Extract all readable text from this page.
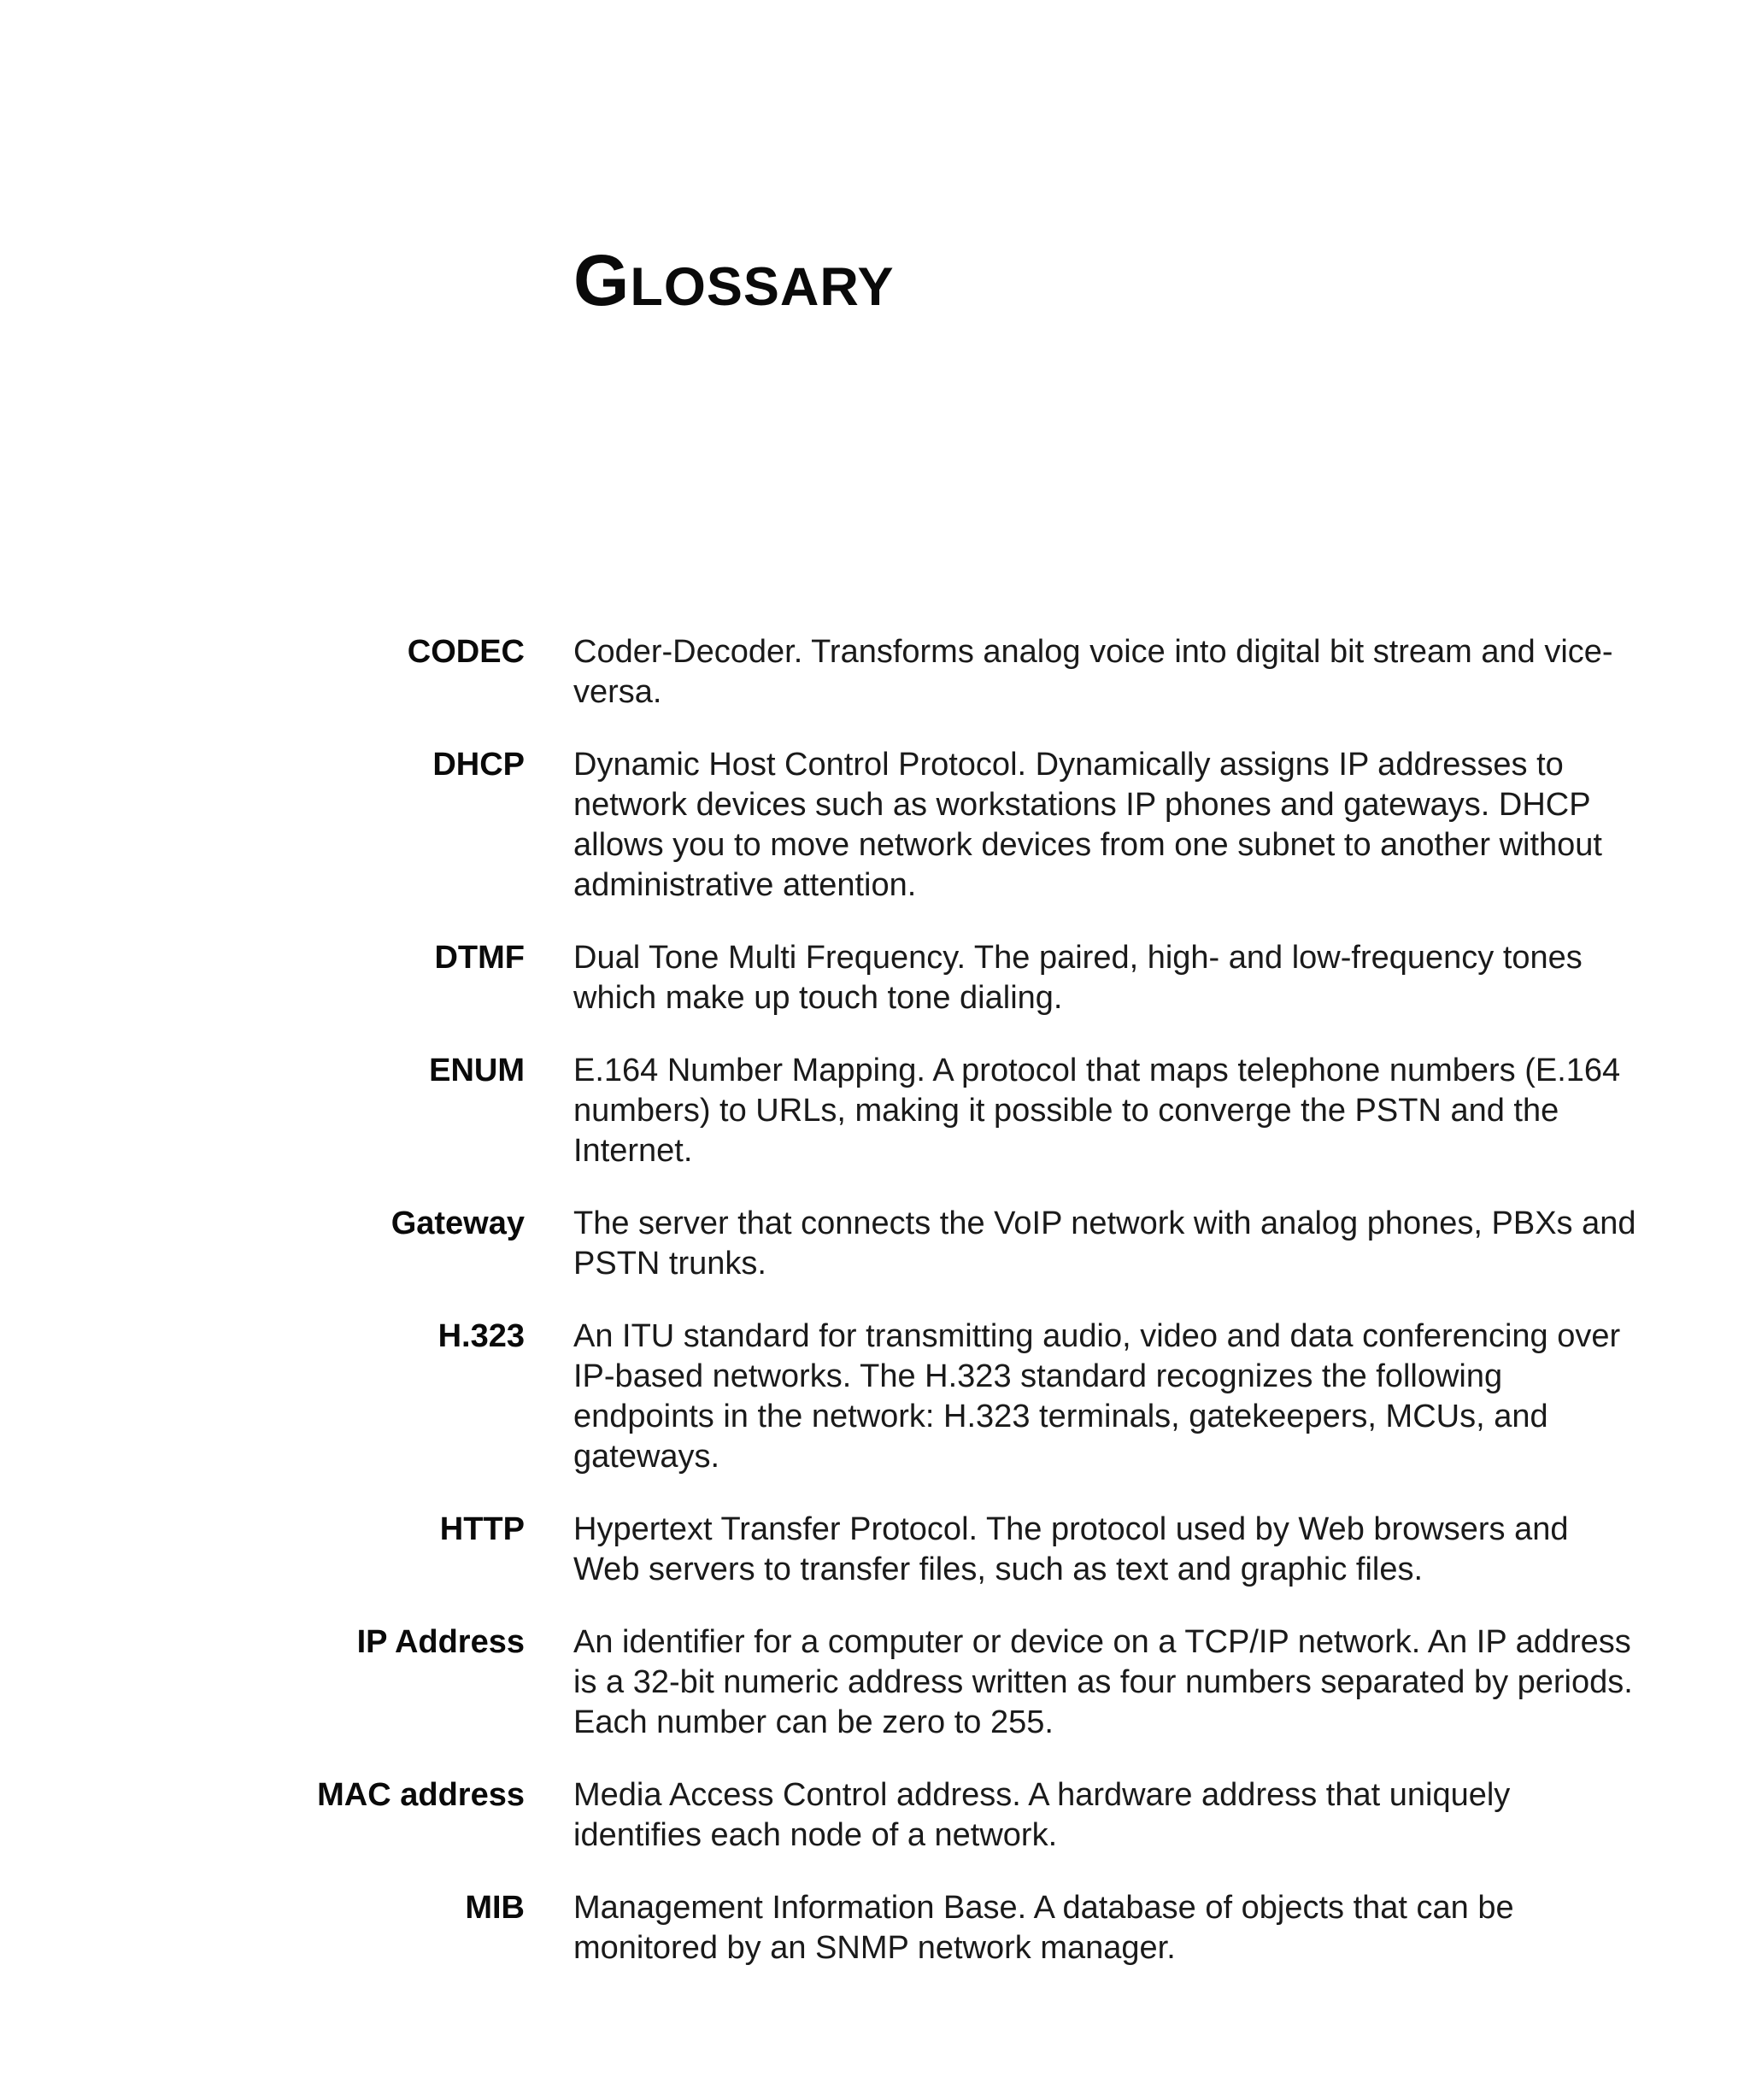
GLOSSARY
CODEC Coder-Decoder. Transforms analog voice into digital bit stream and vice-versa.
DHCP Dynamic Host Control Protocol. Dynamically assigns IP addresses to network devices such as workstations IP phones and gateways. DHCP allows you to move network devices from one subnet to another without administrative attention.
DTMF Dual Tone Multi Frequency. The paired, high- and low-frequency tones which make up touch tone dialing.
ENUM E.164 Number Mapping. A protocol that maps telephone numbers (E.164 numbers) to URLs, making it possible to converge the PSTN and the Internet.
Gateway The server that connects the VoIP network with analog phones, PBXs and PSTN trunks.
H.323 An ITU standard for transmitting audio, video and data conferencing over IP-based networks. The H.323 standard recognizes the following endpoints in the network: H.323 terminals, gatekeepers, MCUs, and gateways.
HTTP Hypertext Transfer Protocol. The protocol used by Web browsers and Web servers to transfer files, such as text and graphic files.
IP Address An identifier for a computer or device on a TCP/IP network. An IP address is a 32-bit numeric address written as four numbers separated by periods. Each number can be zero to 255.
MAC address Media Access Control address. A hardware address that uniquely identifies each node of a network.
MIB Management Information Base. A database of objects that can be monitored by an SNMP network manager.
